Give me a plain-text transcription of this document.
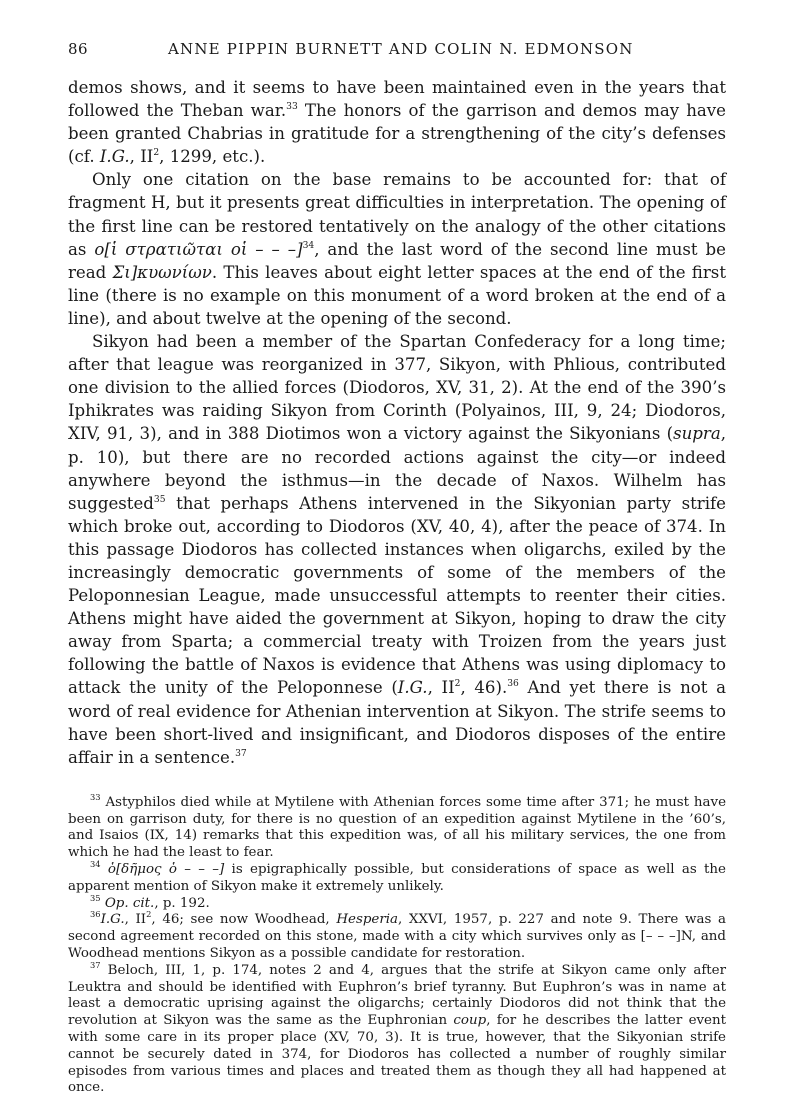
86	ANNE PIPPIN BURNETT AND COLIN N. EDMONSON

demos shows, and it seems to have been maintained even in the years that followed the Theban war.$^{33}$ The honors of the garrison and demos may have been granted Chabrias in gratitude for a strengthening of the city’s defenses (cf. I.G., $II^2$, 1299, etc.).

Only one citation on the base remains to be accounted for: that of fragment H, but it presents great difficulties in interpretation. The opening of the first line can be restored tentatively on the analogy of the other citations as ο[ἱ στρατιῶται οἱ – – –]$^{34}$, and the last word of the second line must be read Σι]κυωνίων. This leaves about eight letter spaces at the end of the first line (there is no example on this monument of a word broken at the end of a line), and about twelve at the opening of the second.

Sikyon had been a member of the Spartan Confederacy for a long time; after that league was reorganized in 377, Sikyon, with Phlious, contributed one division to the allied forces (Diodoros, XV, 31, 2). At the end of the 390’s Iphikrates was raiding Sikyon from Corinth (Polyainos, III, 9, 24; Diodoros, XIV, 91, 3), and in 388 Diotimos won a victory against the Sikyonians (supra, p. 10), but there are no recorded actions against the city—or indeed anywhere beyond the isthmus—in the decade of Naxos. Wilhelm has suggested$^{35}$ that perhaps Athens intervened in the Sikyonian party strife which broke out, according to Diodoros (XV, 40, 4), after the peace of 374. In this passage Diodoros has collected instances when oligarchs, exiled by the increasingly democratic governments of some of the members of the Peloponnesian League, made unsuccessful attempts to reenter their cities. Athens might have aided the government at Sikyon, hoping to draw the city away from Sparta; a commercial treaty with Troizen from the years just following the battle of Naxos is evidence that Athens was using diplomacy to attack the unity of the Peloponnese (I.G., $II^2$, 46).$^{36}$ And yet there is not a word of real evidence for Athenian intervention at Sikyon. The strife seems to have been short-lived and insignificant, and Diodoros disposes of the entire affair in a sentence.$^{37}$

$^{33}$ Astyphilos died while at Mytilene with Athenian forces some time after 371; he must have been on garrison duty, for there is no question of an expedition against Mytilene in the ’60’s, and Isaios (IX, 14) remarks that this expedition was, of all his military services, the one from which he had the least to fear.

$^{34}$ ὁ[δῆμος ὁ – – –] is epigraphically possible, but considerations of space as well as the apparent mention of Sikyon make it extremely unlikely.

$^{35}$ Op. cit., p. 192.

$^{36}$I.G., $II^2$, 46; see now Woodhead, Hesperia, XXVI, 1957, p. 227 and note 9. There was a second agreement recorded on this stone, made with a city which survives only as [– – –]N, and Woodhead mentions Sikyon as a possible candidate for restoration.

$^{37}$ Beloch, III, 1, p. 174, notes 2 and 4, argues that the strife at Sikyon came only after Leuktra and should be identified with Euphron’s brief tyranny. But Euphron’s was in name at least a democratic uprising against the oligarchs; certainly Diodoros did not think that the revolution at Sikyon was the same as the Euphronian coup, for he describes the latter event with some care in its proper place (XV, 70, 3). It is true, however, that the Sikyonian strife cannot be securely dated in 374, for Diodoros has collected a number of roughly similar episodes from various times and places and treated them as though they all had happened at once.
